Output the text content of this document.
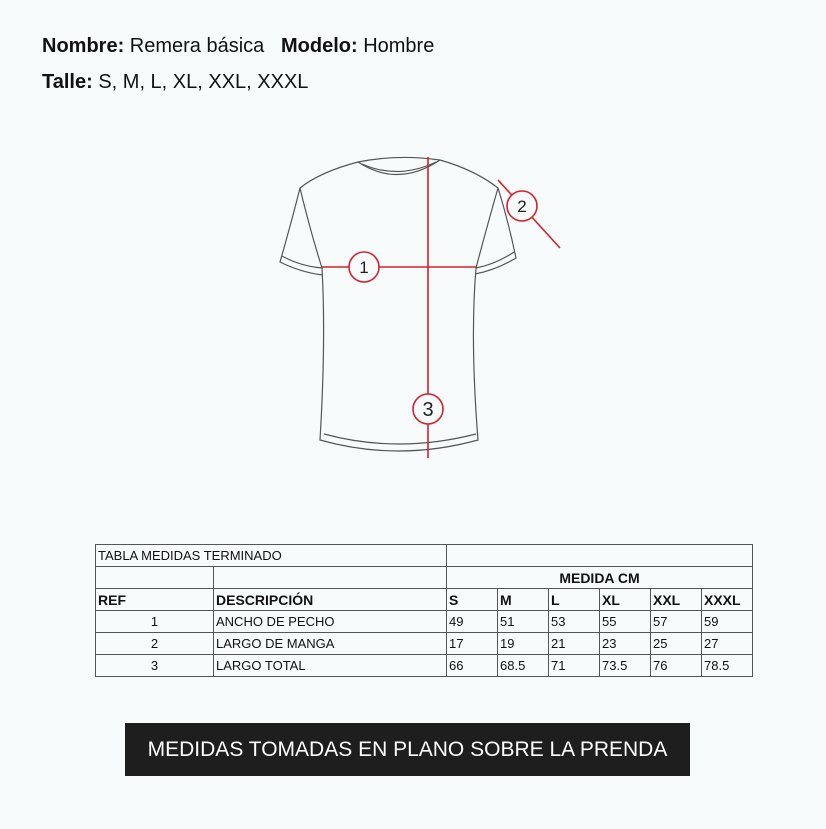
Nombre: Remera básica Modelo: Hombre
Talle: S, M, L, XL, XXL, XXXL
1
2
3
TABLA MEDIDAS TERMINADO							
		MEDIDA CM					
REF	DESCRIPCIÓN	S	M	L	XL	XXL	XXXL
1	ANCHO DE PECHO	49	51	53	55	57	59
2	LARGO DE MANGA	17	19	21	23	25	27
3	LARGO TOTAL	66	68.5	71	73.5	76	78.5
MEDIDAS TOMADAS EN PLANO SOBRE LA PRENDA
